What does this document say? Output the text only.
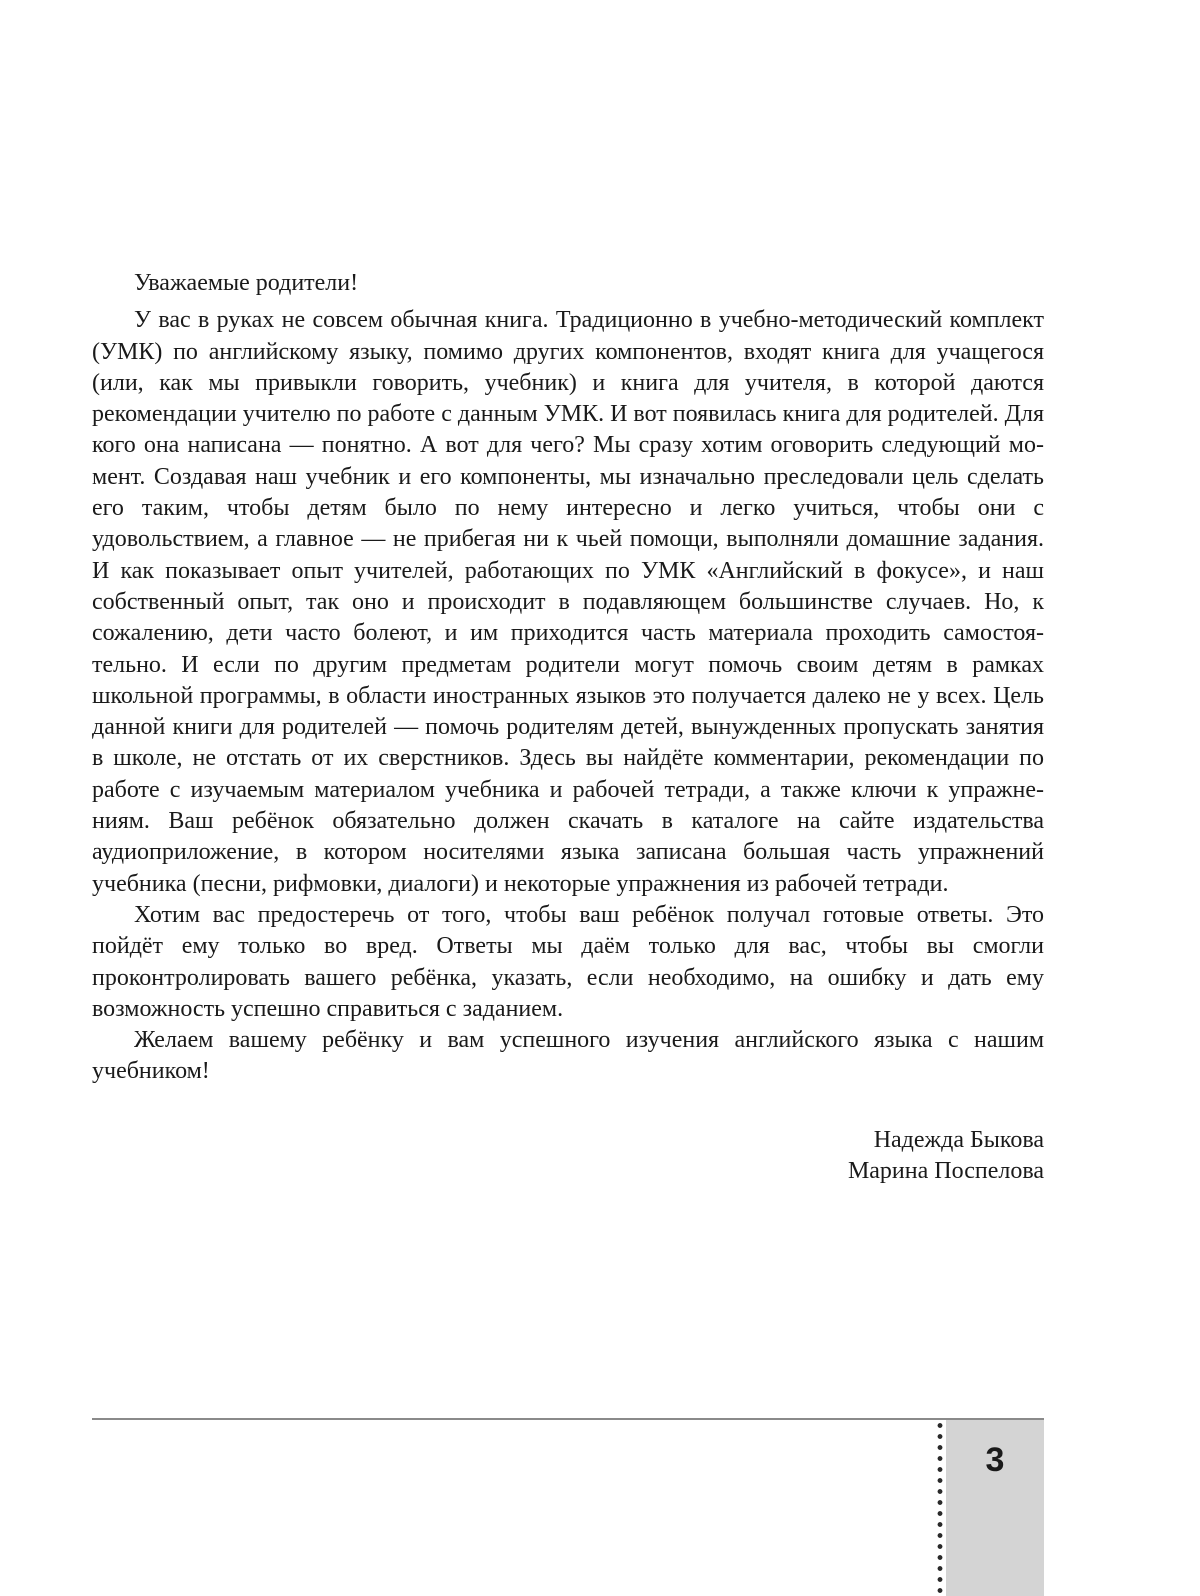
Уважаемые родители!

У вас в руках не совсем обычная книга. Традиционно в учебно-методический комплект (УМК) по английскому языку, помимо других компонентов, входят книга для учащегося (или, как мы привыкли говорить, учебник) и книга для учителя, в которой даются рекомендации учителю по работе с данным УМК. И вот появилась книга для родителей. Для кого она написана — понятно. А вот для чего? Мы сразу хотим оговорить следующий момент. Создавая наш учебник и его компоненты, мы изначально преследовали цель сделать его таким, чтобы детям было по нему интересно и легко учиться, чтобы они с удовольствием, а главное — не прибегая ни к чьей помощи, выполняли домашние задания. И как показывает опыт учителей, работающих по УМК «Английский в фокусе», и наш собственный опыт, так оно и происходит в подавляющем большинстве случаев. Но, к сожалению, дети часто болеют, и им приходится часть материала проходить самостоятельно. И если по другим предметам родители могут помочь своим детям в рамках школьной программы, в области иностранных языков это получается далеко не у всех. Цель данной книги для родителей — помочь родителям детей, вынужденных пропускать занятия в школе, не отстать от их сверстников. Здесь вы найдёте комментарии, рекомендации по работе с изучаемым материалом учебника и рабочей тетради, а также ключи к упражнениям. Ваш ребёнок обязательно должен скачать в каталоге на сайте издательства аудиоприложение, в котором носителями языка записана большая часть упражнений учебника (песни, рифмовки, диалоги) и некоторые упражнения из рабочей тетради.

Хотим вас предостеречь от того, чтобы ваш ребёнок получал готовые ответы. Это пойдёт ему только во вред. Ответы мы даём только для вас, чтобы вы смогли проконтролировать вашего ребёнка, указать, если необходимо, на ошибку и дать ему возможность успешно справиться с заданием.

Желаем вашему ребёнку и вам успешного изучения английского языка с нашим учебником!

Надежда Быкова
Марина Поспелова
3
